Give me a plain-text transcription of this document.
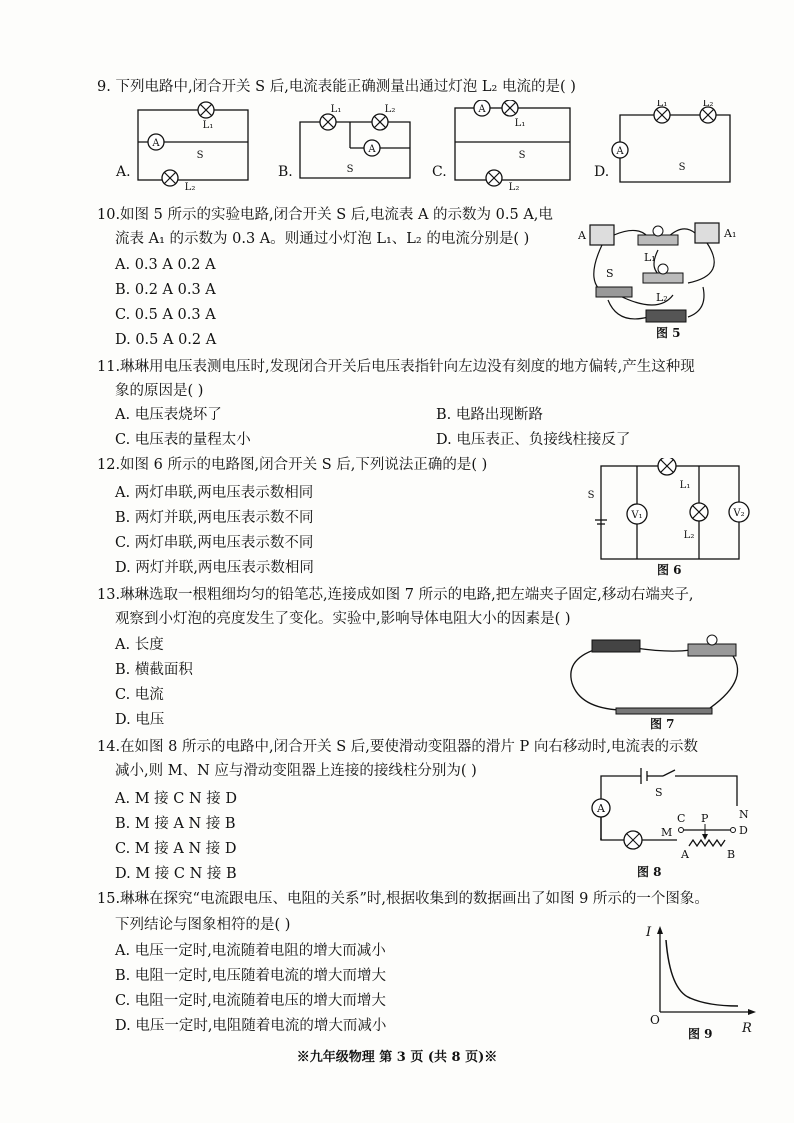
9. 下列电路中,闭合开关 S 后,电流表能正确测量出通过灯泡 L₂ 电流的是( )
A
A
A
A
L₁
L₂
S
L₁	L₂
S
L₁
L₂
S
L₁	L₂
S
A.	B.	C.	D.
10.如图 5 所示的实验电路,闭合开关 S 后,电流表 A 的示数为 0.5 A,电
流表 A₁ 的示数为 0.3 A。则通过小灯泡 L₁、L₂ 的电流分别是( )
A. 0.3 A 0.2 A
B. 0.2 A 0.3 A
C. 0.5 A 0.3 A
D. 0.5 A 0.2 A
A	A₁
S
L₁
L₂
图 5
11.琳琳用电压表测电压时,发现闭合开关后电压表指针向左边没有刻度的地方偏转,产生这种现
象的原因是( )
A. 电压表烧坏了	B. 电路出现断路
C. 电压表的量程太小	D. 电压表正、负接线柱接反了
12.如图 6 所示的电路图,闭合开关 S 后,下列说法正确的是( )
A. 两灯串联,两电压表示数相同
B. 两灯并联,两电压表示数不同
C. 两灯串联,两电压表示数不同
D. 两灯并联,两电压表示数相同
V₁	V₂
L₁
L₂
S
图 6
13.琳琳选取一根粗细均匀的铅笔芯,连接成如图 7 所示的电路,把左端夹子固定,移动右端夹子,
观察到小灯泡的亮度发生了变化。实验中,影响导体电阻大小的因素是( )
A. 长度
B. 横截面积
C. 电流
D. 电压	图 7
14.在如图 8 所示的电路中,闭合开关 S 后,要使滑动变阻器的滑片 P 向右移动时,电流表的示数
减小,则 M、N 应与滑动变阻器上连接的接线柱分别为( )
A. M 接 C N 接 D
B. M 接 A N 接 B
C. M 接 A N 接 D
D. M 接 C N 接 B
A
S
N
M
C P
D
A	B
图 8
15.琳琳在探究“电流跟电压、电阻的关系”时,根据收集到的数据画出了如图 9 所示的一个图象。
下列结论与图象相符的是( )
A. 电压一定时,电流随着电阻的增大而减小
B. 电阻一定时,电压随着电流的增大而增大
C. 电阻一定时,电流随着电压的增大而增大
D. 电压一定时,电阻随着电流的增大而减小
I
R
O
图 9
※九年级物理 第 3 页 (共 8 页)※
